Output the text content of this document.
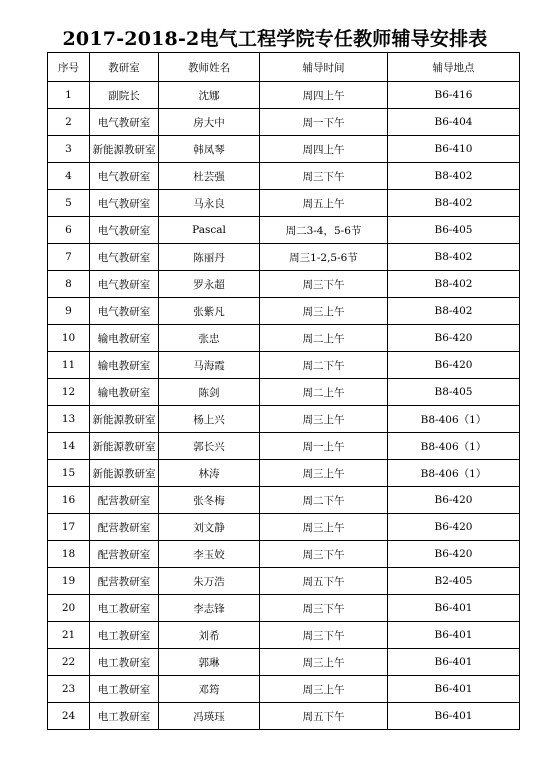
2017-2018-2电气工程学院专任教师辅导安排表
序号	教研室	教师姓名	辅导时间	辅导地点
1	副院长	沈娜	周四上午	B6-416
2	电气教研室	房大中	周一下午	B6-404
3	新能源教研室	韩凤琴	周四上午	B6-410
4	电气教研室	杜芸强	周三下午	B8-402
5	电气教研室	马永良	周五上午	B8-402
6	电气教研室	Pascal	周二3-4，5-6节	B6-405
7	电气教研室	陈丽丹	周三1-2,5-6节	B8-402
8	电气教研室	罗永超	周三下午	B8-402
9	电气教研室	张紫凡	周三上午	B8-402
10	输电教研室	张忠	周二上午	B6-420
11	输电教研室	马海霞	周二下午	B6-420
12	输电教研室	陈剑	周二上午	B8-405
13	新能源教研室	杨上兴	周三上午	B8-406（1）
14	新能源教研室	郭长兴	周一上午	B8-406（1）
15	新能源教研室	林涛	周三上午	B8-406（1）
16	配营教研室	张冬梅	周二下午	B6-420
17	配营教研室	刘文静	周三上午	B6-420
18	配营教研室	李玉姣	周三下午	B6-420
19	配营教研室	朱万浩	周五下午	B2-405
20	电工教研室	李志锋	周三下午	B6-401
21	电工教研室	刘希	周三下午	B6-401
22	电工教研室	郭琳	周三上午	B6-401
23	电工教研室	邓筠	周三上午	B6-401
24	电工教研室	冯瑛珏	周五下午	B6-401
